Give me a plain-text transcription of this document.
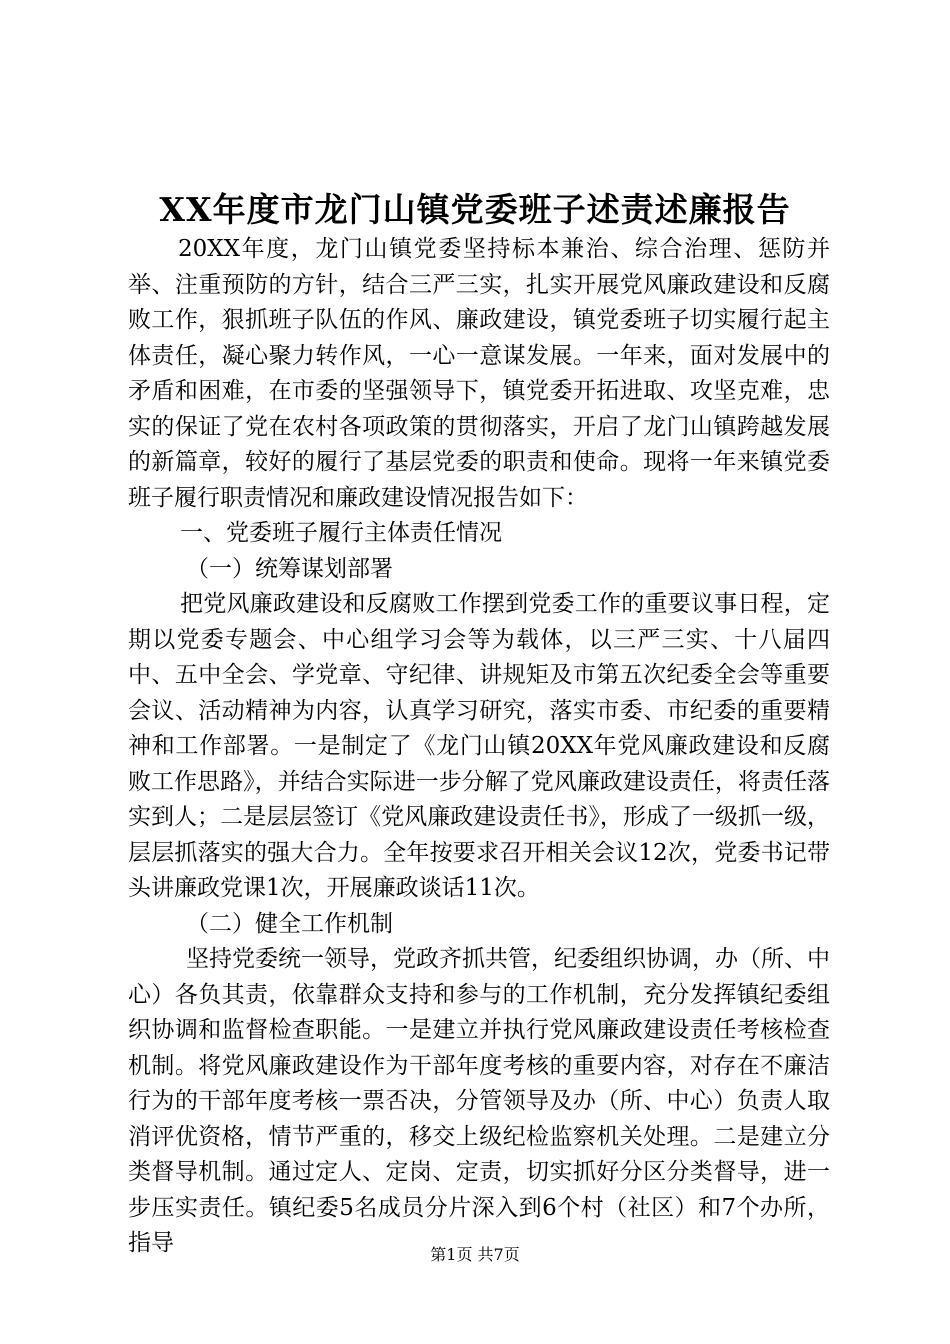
XX年度市龙门山镇党委班子述责述廉报告

20XX年度，龙门山镇党委坚持标本兼治、综合治理、惩防并举、注重预防的方针，结合三严三实，扎实开展党风廉政建设和反腐败工作，狠抓班子队伍的作风、廉政建设，镇党委班子切实履行起主体责任，凝心聚力转作风，一心一意谋发展。一年来，面对发展中的矛盾和困难，在市委的坚强领导下，镇党委开拓进取、攻坚克难，忠实的保证了党在农村各项政策的贯彻落实，开启了龙门山镇跨越发展的新篇章，较好的履行了基层党委的职责和使命。现将一年来镇党委班子履行职责情况和廉政建设情况报告如下：

一、党委班子履行主体责任情况

（一）统筹谋划部署

把党风廉政建设和反腐败工作摆到党委工作的重要议事日程，定期以党委专题会、中心组学习会等为载体，以三严三实、十八届四中、五中全会、学党章、守纪律、讲规矩及市第五次纪委全会等重要会议、活动精神为内容，认真学习研究，落实市委、市纪委的重要精神和工作部署。一是制定了《龙门山镇20XX年党风廉政建设和反腐败工作思路》，并结合实际进一步分解了党风廉政建设责任，将责任落实到人；二是层层签订《党风廉政建设责任书》，形成了一级抓一级，层层抓落实的强大合力。全年按要求召开相关会议12次，党委书记带头讲廉政党课1次，开展廉政谈话11次。

（二）健全工作机制

坚持党委统一领导，党政齐抓共管，纪委组织协调，办（所、中心）各负其责，依靠群众支持和参与的工作机制，充分发挥镇纪委组织协调和监督检查职能。一是建立并执行党风廉政建设责任考核检查机制。将党风廉政建设作为干部年度考核的重要内容，对存在不廉洁行为的干部年度考核一票否决，分管领导及办（所、中心）负责人取消评优资格，情节严重的，移交上级纪检监察机关处理。二是建立分类督导机制。通过定人、定岗、定责，切实抓好分区分类督导，进一步压实责任。镇纪委5名成员分片深入到6个村（社区）和7个办所，指导	第1页 共7页
